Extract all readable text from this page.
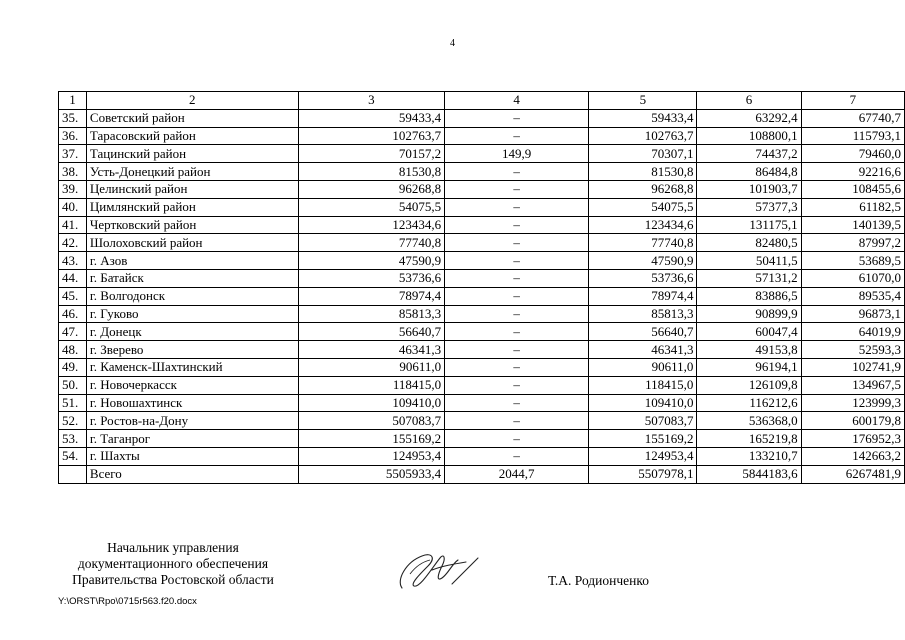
4
1	2	3	4	5	6	7
35.	Советский район	59433,4	–	59433,4	63292,4	67740,7
36.	Тарасовский район	102763,7	–	102763,7	108800,1	115793,1
37.	Тацинский район	70157,2	149,9	70307,1	74437,2	79460,0
38.	Усть-Донецкий район	81530,8	–	81530,8	86484,8	92216,6
39.	Целинский район	96268,8	–	96268,8	101903,7	108455,6
40.	Цимлянский район	54075,5	–	54075,5	57377,3	61182,5
41.	Чертковский район	123434,6	–	123434,6	131175,1	140139,5
42.	Шолоховский район	77740,8	–	77740,8	82480,5	87997,2
43.	г. Азов	47590,9	–	47590,9	50411,5	53689,5
44.	г. Батайск	53736,6	–	53736,6	57131,2	61070,0
45.	г. Волгодонск	78974,4	–	78974,4	83886,5	89535,4
46.	г. Гуково	85813,3	–	85813,3	90899,9	96873,1
47.	г. Донецк	56640,7	–	56640,7	60047,4	64019,9
48.	г. Зверево	46341,3	–	46341,3	49153,8	52593,3
49.	г. Каменск-Шахтинский	90611,0	–	90611,0	96194,1	102741,9
50.	г. Новочеркасск	118415,0	–	118415,0	126109,8	134967,5
51.	г. Новошахтинск	109410,0	–	109410,0	116212,6	123999,3
52.	г. Ростов-на-Дону	507083,7	–	507083,7	536368,0	600179,8
53.	г. Таганрог	155169,2	–	155169,2	165219,8	176952,3
54.	г. Шахты	124953,4	–	124953,4	133210,7	142663,2
	Всего	5505933,4	2044,7	5507978,1	5844183,6	6267481,9
Начальник управления
документационного обеспечения
Правительства Ростовской области	Т.А. Родионченко
Y:\ORST\Rpo\0715r563.f20.docx
